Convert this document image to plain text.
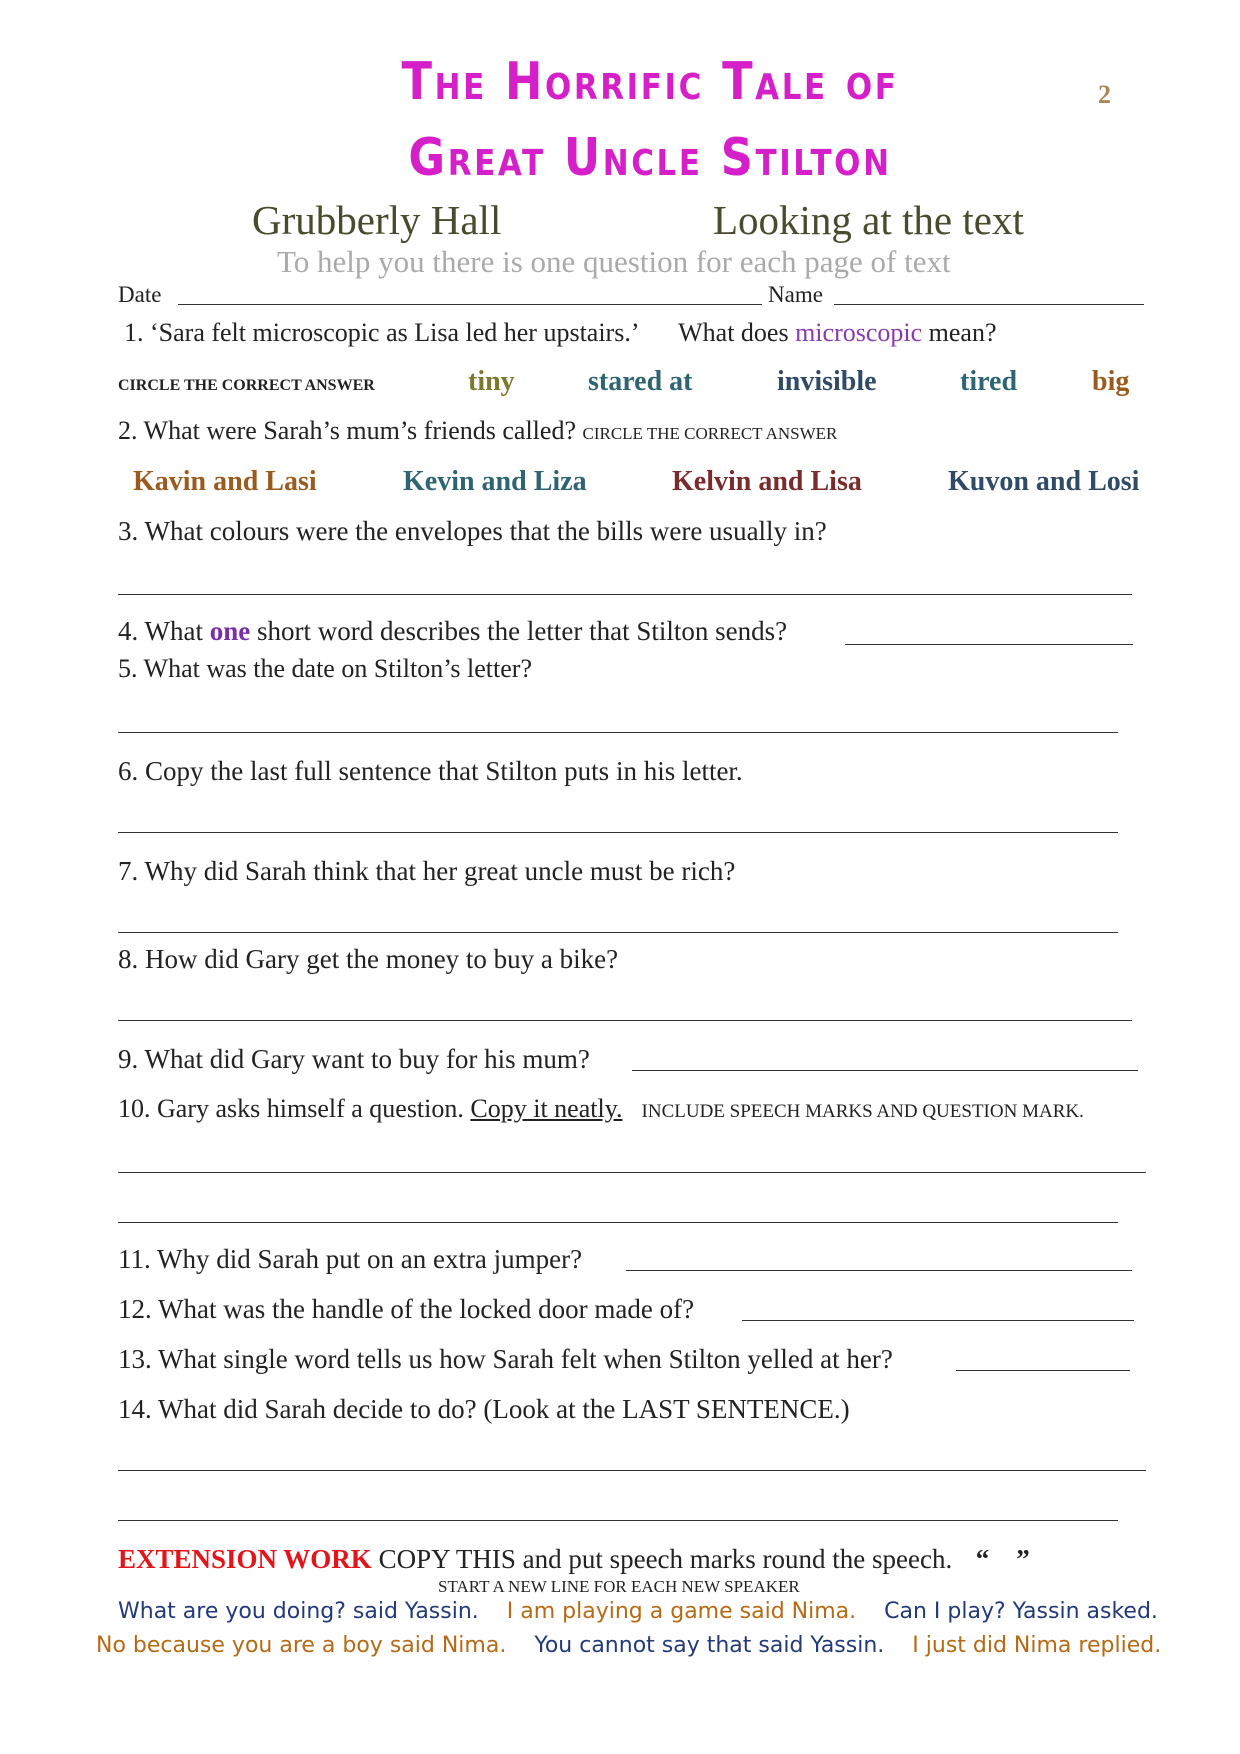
The Horrific Tale of
Great Uncle Stilton
2
Grubberly Hall	Looking at the text
To help you there is one question for each page of text
Date	Name
1. ‘Sara felt microscopic as Lisa led her upstairs.’ What does microscopic mean?
CIRCLE THE CORRECT ANSWER	tiny	stared at	invisible	tired	big
2. What were Sarah’s mum’s friends called? CIRCLE THE CORRECT ANSWER
Kavin and Lasi	Kevin and Liza	Kelvin and Lisa	Kuvon and Losi
3. What colours were the envelopes that the bills were usually in?
4. What one short word describes the letter that Stilton sends?
5. What was the date on Stilton’s letter?
6. Copy the last full sentence that Stilton puts in his letter.
7. Why did Sarah think that her great uncle must be rich?
8. How did Gary get the money to buy a bike?
9. What did Gary want to buy for his mum?
10. Gary asks himself a question. Copy it neatly. INCLUDE SPEECH MARKS AND QUESTION MARK.
11. Why did Sarah put on an extra jumper?
12. What was the handle of the locked door made of?
13. What single word tells us how Sarah felt when Stilton yelled at her?
14. What did Sarah decide to do? (Look at the LAST SENTENCE.)
EXTENSION WORK COPY THIS and put speech marks round the speech. “    ”
START A NEW LINE FOR EACH NEW SPEAKER
What are you doing? said Yassin. I am playing a game said Nima. Can I play? Yassin asked.
No because you are a boy said Nima. You cannot say that said Yassin. I just did Nima replied.
